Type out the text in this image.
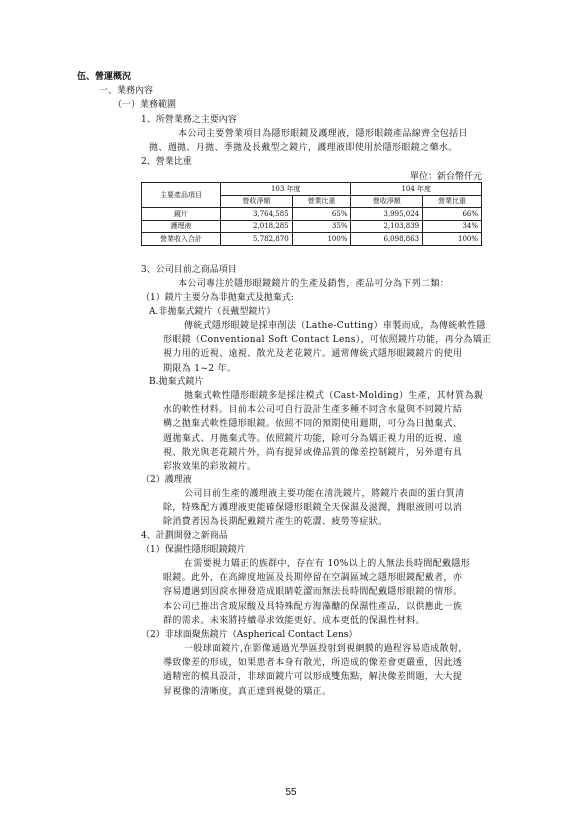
伍、營運概況
一、業務內容
（一）業務範圍
1、所營業務之主要內容
本公司主要營業項目為隱形眼鏡及護理液，隱形眼鏡產品線齊全包括日
拋、週拋、月拋、季拋及長戴型之鏡片，護理液即使用於隱形眼鏡之藥水。
2、營業比重
單位：新台幣仟元
主要產品項目	103 年度		104 年度	
	營收淨額	營業比重	營收淨額	營業比重
鏡片	3,764,585	65%	3,995,024	66%
護理液	2,018,285	35%	2,103,839	34%
營業收入合計	5,782,870	100%	6,098,863	100%
3、公司目前之商品項目
本公司專注於隱形眼鏡鏡片的生產及銷售，產品可分為下列二類：
（1）鏡片主要分為非拋棄式及拋棄式:
A.非拋棄式鏡片（長戴型鏡片）
傳統式隱形眼鏡是採車削法（Lathe-Cutting）車製而成，為傳統軟性隱
形眼鏡（Conventional Soft Contact Lens），可依照鏡片功能，再分為矯正
視力用的近視、遠視、散光及老花鏡片。通常傳統式隱形眼鏡鏡片的使用
期限為 1~2 年。
B.拋棄式鏡片
拋棄式軟性隱形眼鏡多是採注模式（Cast-Molding）生產，其材質為親
水的軟性材料。目前本公司可自行設計生產多種不同含水量與不同鏡片結
構之拋棄式軟性隱形眼鏡。依照不同的預期使用週期，可分為日拋棄式、
週拋棄式、月拋棄式等。依照鏡片功能，除可分為矯正視力用的近視、遠
視、散光與老花鏡片外，尚有提昇或偉品質的像差控制鏡片，另外還有具
彩妝效果的彩妝鏡片。
（2）護理液
公司目前生產的護理液主要功能在清洗鏡片，將鏡片表面的蛋白質清
除，特殊配方護理液更能確保隱形眼鏡全天保濕及滋潤，潤眼液則可以消
除消費者因為長期配戴鏡片產生的乾澀、疲勞等症狀。
4、計劃開發之新商品
（1）保濕性隱形眼鏡鏡片
在需要視力矯正的族群中，存在有 10%以上的人無法長時間配戴隱形
眼鏡。此外，在高緯度地區及長期停留在空調區域之隱形眼鏡配戴者，亦
容易遭遇到因淚水揮發造成眼睛乾澀而無法長時間配戴隱形眼鏡的情形。
本公司已推出含玻尿酸及具特殊配方海藻醣的保濕性產品，以供應此一族
群的需求。未來將持續尋求效能更好、成本更低的保濕性材料。
（2）非球面聚焦鏡片（Aspherical Contact Lens）
一般球面鏡片,在影像通過光學區投射到視網膜的過程容易造成散射,
導致像差的形成，如果患者本身有散光，所造成的像差會更嚴重，因此透
過精密的模具設計，非球面鏡片可以形成雙焦點，解決像差問題，大大提
昇視像的清晰度，真正達到視覺的矯正。
55
